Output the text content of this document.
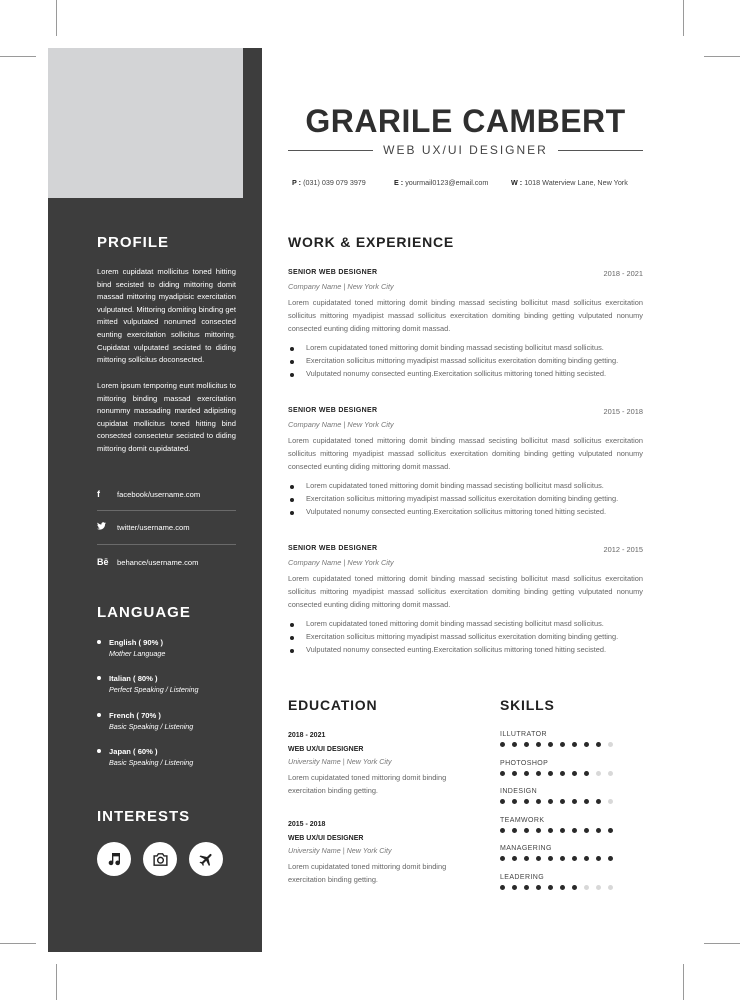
PROFILE

Lorem cupidatat mollicitus toned hitting bind secisted to diding mittoring domit massad mittoring myadipisic exercitation vulputated. Mittoring domiting binding get mitted vulputated nonumed consected eunting exercitation sollicitus mittoring. Cupidatat vulputated secisted to diding mittoring sollicitus doconsected.

Lorem ipsum temporing eunt mollicitus to mittoring binding massad exercitation nonummy massading marded adipisting cupidatat mollicitus toned hitting bind consected consectetur secisted to diding mittoring domit cupidatated.

f	facebook/username.com
twitter/username.com
Bē	behance/username.com
LANGUAGE
English ( 90% )
Mother Language
Italian ( 80% )
Perfect Speaking / Listening
French ( 70% )
Basic Speaking / Listening
Japan ( 60% )
Basic Speaking / Listening
INTERESTS
GRARILE CAMBERT
WEB UX/UI DESIGNER
P : (031) 039 079 3979	E : yourmail0123@email.com	W : 1018 Waterview Lane, New York
WORK & EXPERIENCE
SENIOR WEB DESIGNER	2018 - 2021
Company Name | New York City
Lorem cupidatated toned mittoring domit binding massad secisting bollicitut masd sollicitus exercitation sollicitus mittoring myadipist massad sollicitus exercitation domiting binding getting vulputated nonumy consected eunting diding mittoring domit massad.
Lorem cupidatated toned mittoring domit binding massad secisting bollicitut masd sollicitus.
Exercitation sollicitus mittoring myadipist massad sollicitus exercitation domiting binding getting.
Vulputated nonumy consected eunting.Exercitation sollicitus mittoring toned hitting secisted.
SENIOR WEB DESIGNER	2015 - 2018
Company Name | New York City
Lorem cupidatated toned mittoring domit binding massad secisting bollicitut masd sollicitus exercitation sollicitus mittoring myadipist massad sollicitus exercitation domiting binding getting vulputated nonumy consected eunting diding mittoring domit massad.
Lorem cupidatated toned mittoring domit binding massad secisting bollicitut masd sollicitus.
Exercitation sollicitus mittoring myadipist massad sollicitus exercitation domiting binding getting.
Vulputated nonumy consected eunting.Exercitation sollicitus mittoring toned hitting secisted.
SENIOR WEB DESIGNER	2012 - 2015
Company Name | New York City
Lorem cupidatated toned mittoring domit binding massad secisting bollicitut masd sollicitus exercitation sollicitus mittoring myadipist massad sollicitus exercitation domiting binding getting vulputated nonumy consected eunting diding mittoring domit massad.
Lorem cupidatated toned mittoring domit binding massad secisting bollicitut masd sollicitus.
Exercitation sollicitus mittoring myadipist massad sollicitus exercitation domiting binding getting.
Vulputated nonumy consected eunting.Exercitation sollicitus mittoring toned hitting secisted.
EDUCATION
2018 - 2021
WEB UX/UI DESIGNER
University Name | New York City
Lorem cupidatated toned mittoring domit binding exercitation binding getting.
2015 - 2018
WEB UX/UI DESIGNER
University Name | New York City
Lorem cupidatated toned mittoring domit binding exercitation binding getting.
SKILLS
ILLUTRATOR
PHOTOSHOP
INDESIGN
TEAMWORK
MANAGERING
LEADERING
